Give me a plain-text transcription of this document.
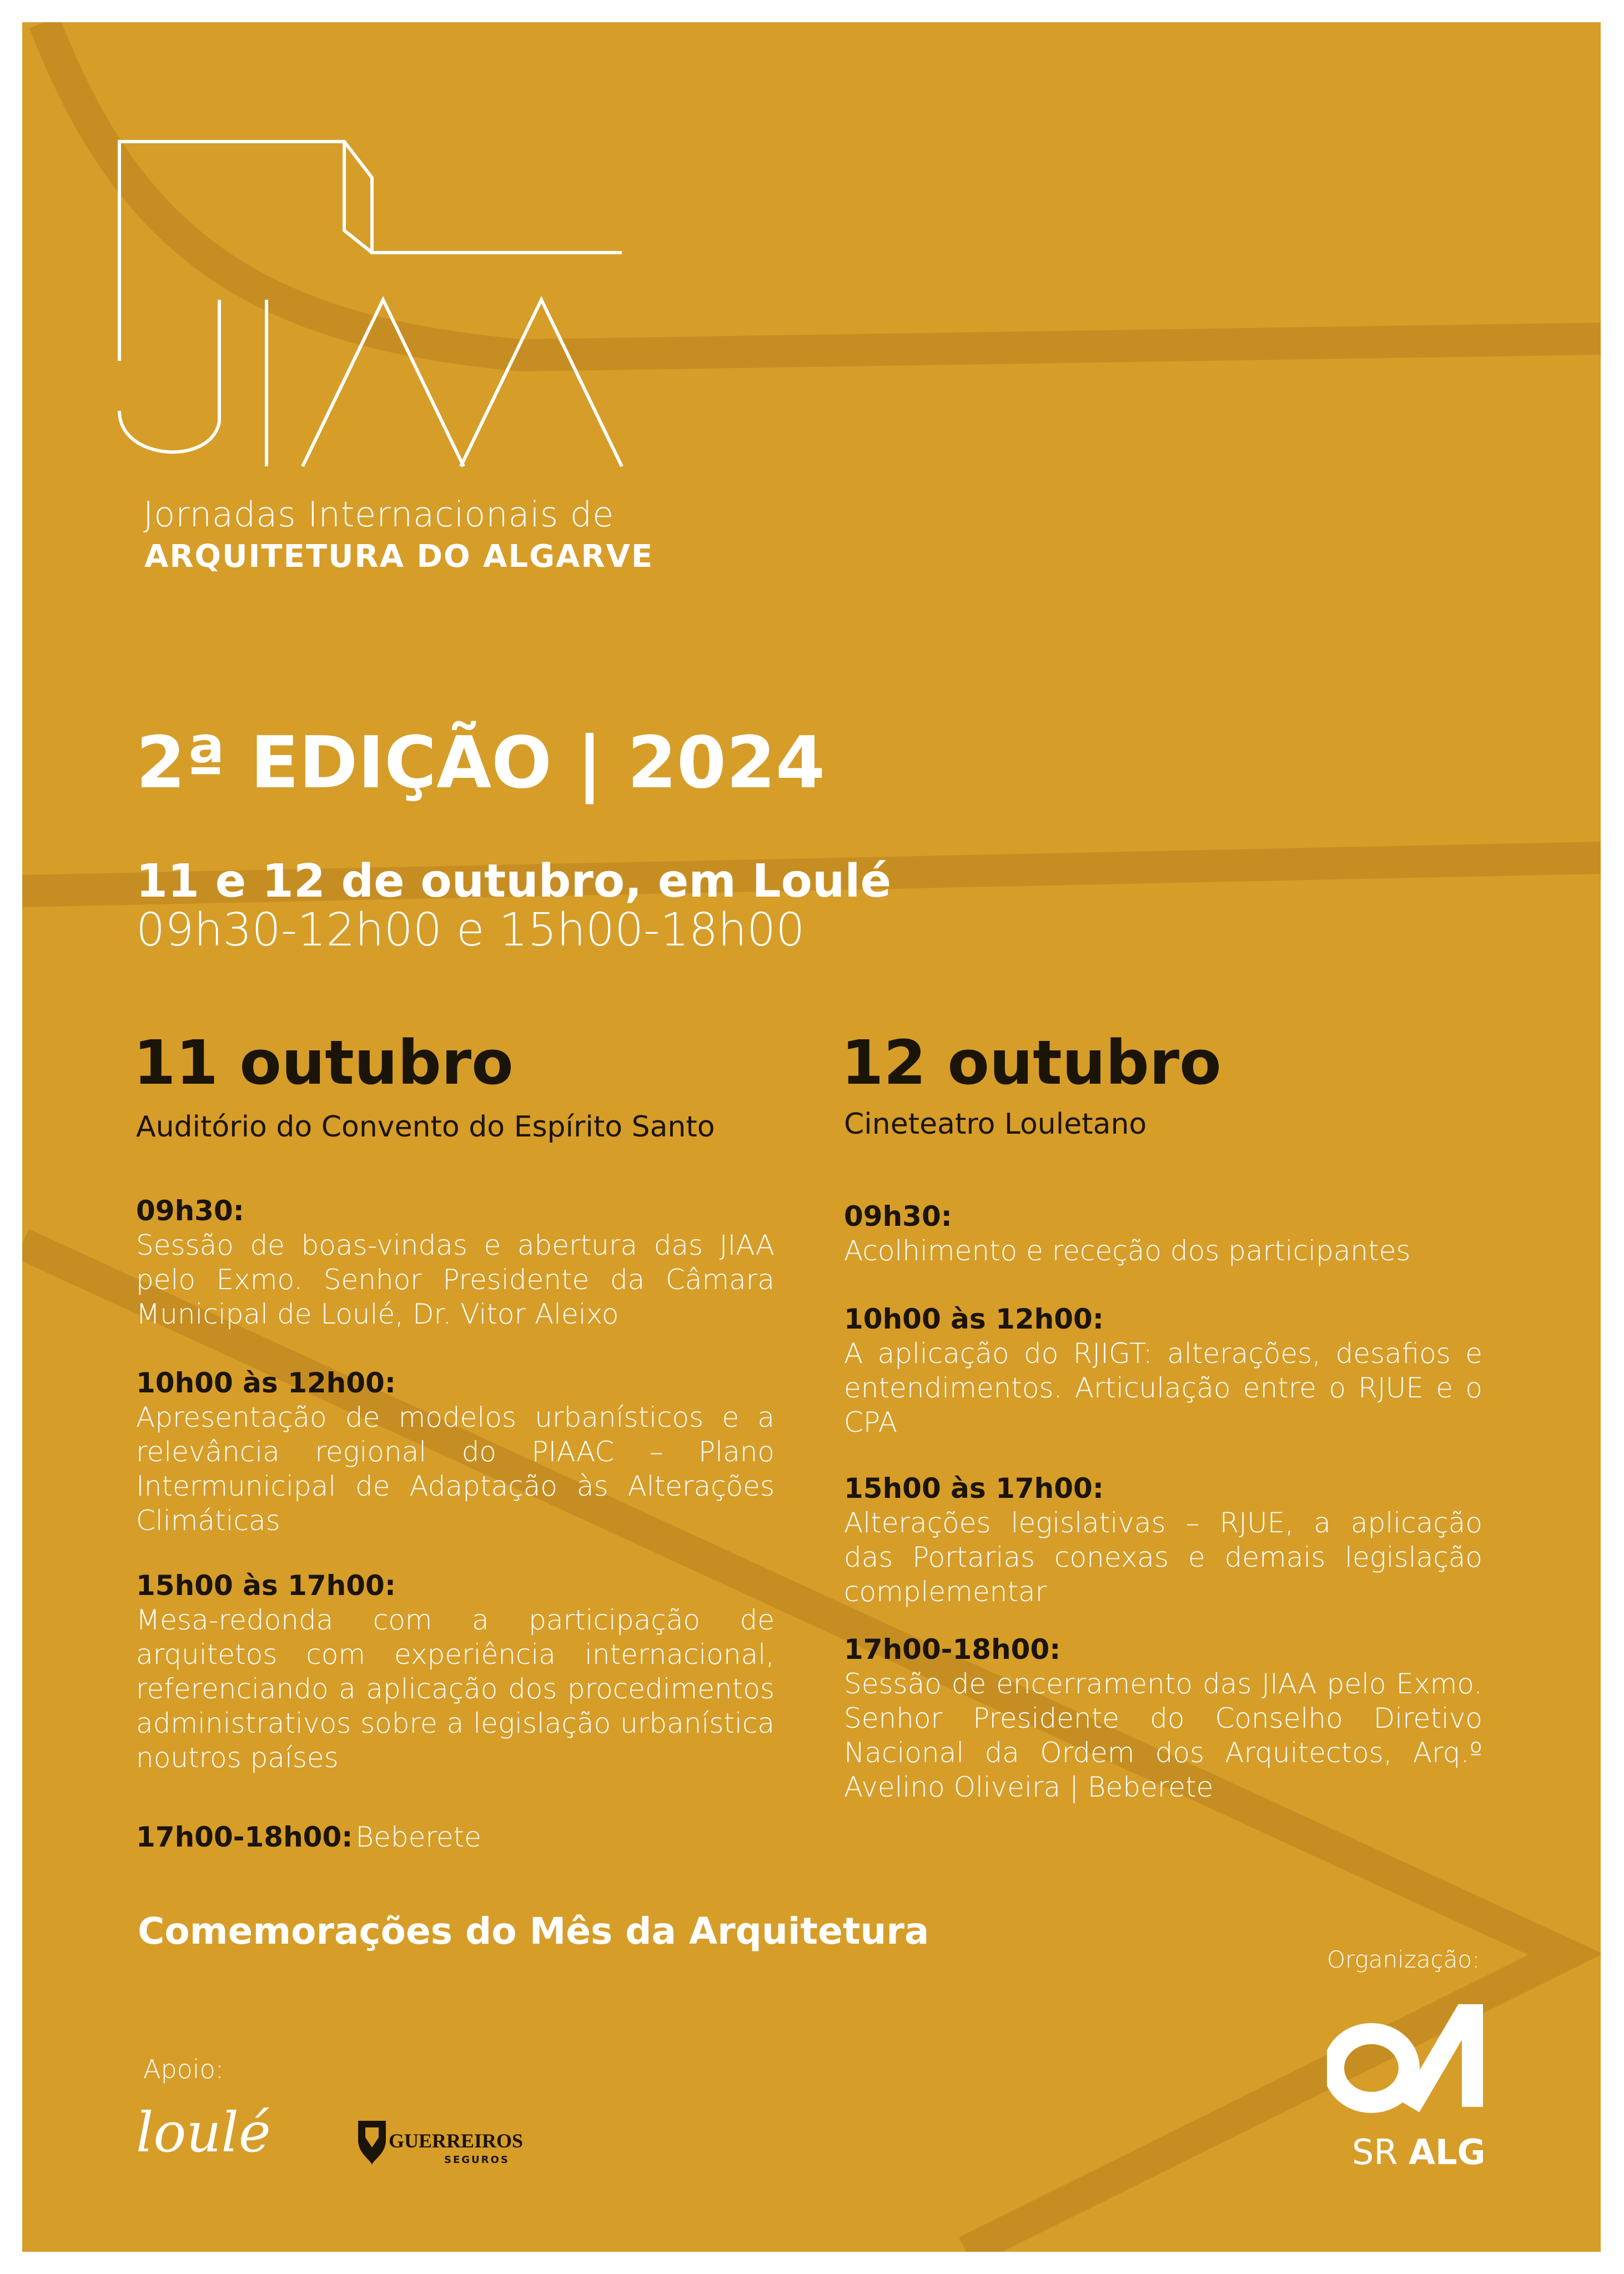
Jornadas Internacionais de
ARQUITETURA DO ALGARVE
2ª EDIÇÃO | 2024
11 e 12 de outubro, em Loulé
09h30-12h00 e 15h00-18h00
11 outubro
Auditório do Convento do Espírito Santo
09h30:
Sessão de boas-vindas e abertura das JIAA pelo Exmo. Senhor Presidente da Câmara Municipal de Loulé, Dr. Vitor Aleixo
10h00 às 12h00:
Apresentação de modelos urbanísticos e a relevância regional do PIAAC – Plano Intermunicipal de Adaptação às Alterações Climáticas
15h00 às 17h00:
Mesa-redonda com a participação de arquitetos com experiência internacional, referenciando a aplicação dos procedimentos administrativos sobre a legislação urbanística noutros países
17h00-18h00: Beberete
12 outubro
Cineteatro Louletano
09h30:
Acolhimento e receção dos participantes
10h00 às 12h00:
A aplicação do RJIGT: alterações, desafios e entendimentos. Articulação entre o RJUE e o CPA
15h00 às 17h00:
Alterações legislativas – RJUE, a aplicação das Portarias conexas e demais legislação complementar
17h00-18h00:
Sessão de encerramento das JIAA pelo Exmo. Senhor Presidente do Conselho Diretivo Nacional da Ordem dos Arquitectos, Arq.º Avelino Oliveira | Beberete
Comemorações do Mês da Arquitetura
Organização:
Apoio:
loulé	GUERREIROS
SEGUROS	SR ALG
